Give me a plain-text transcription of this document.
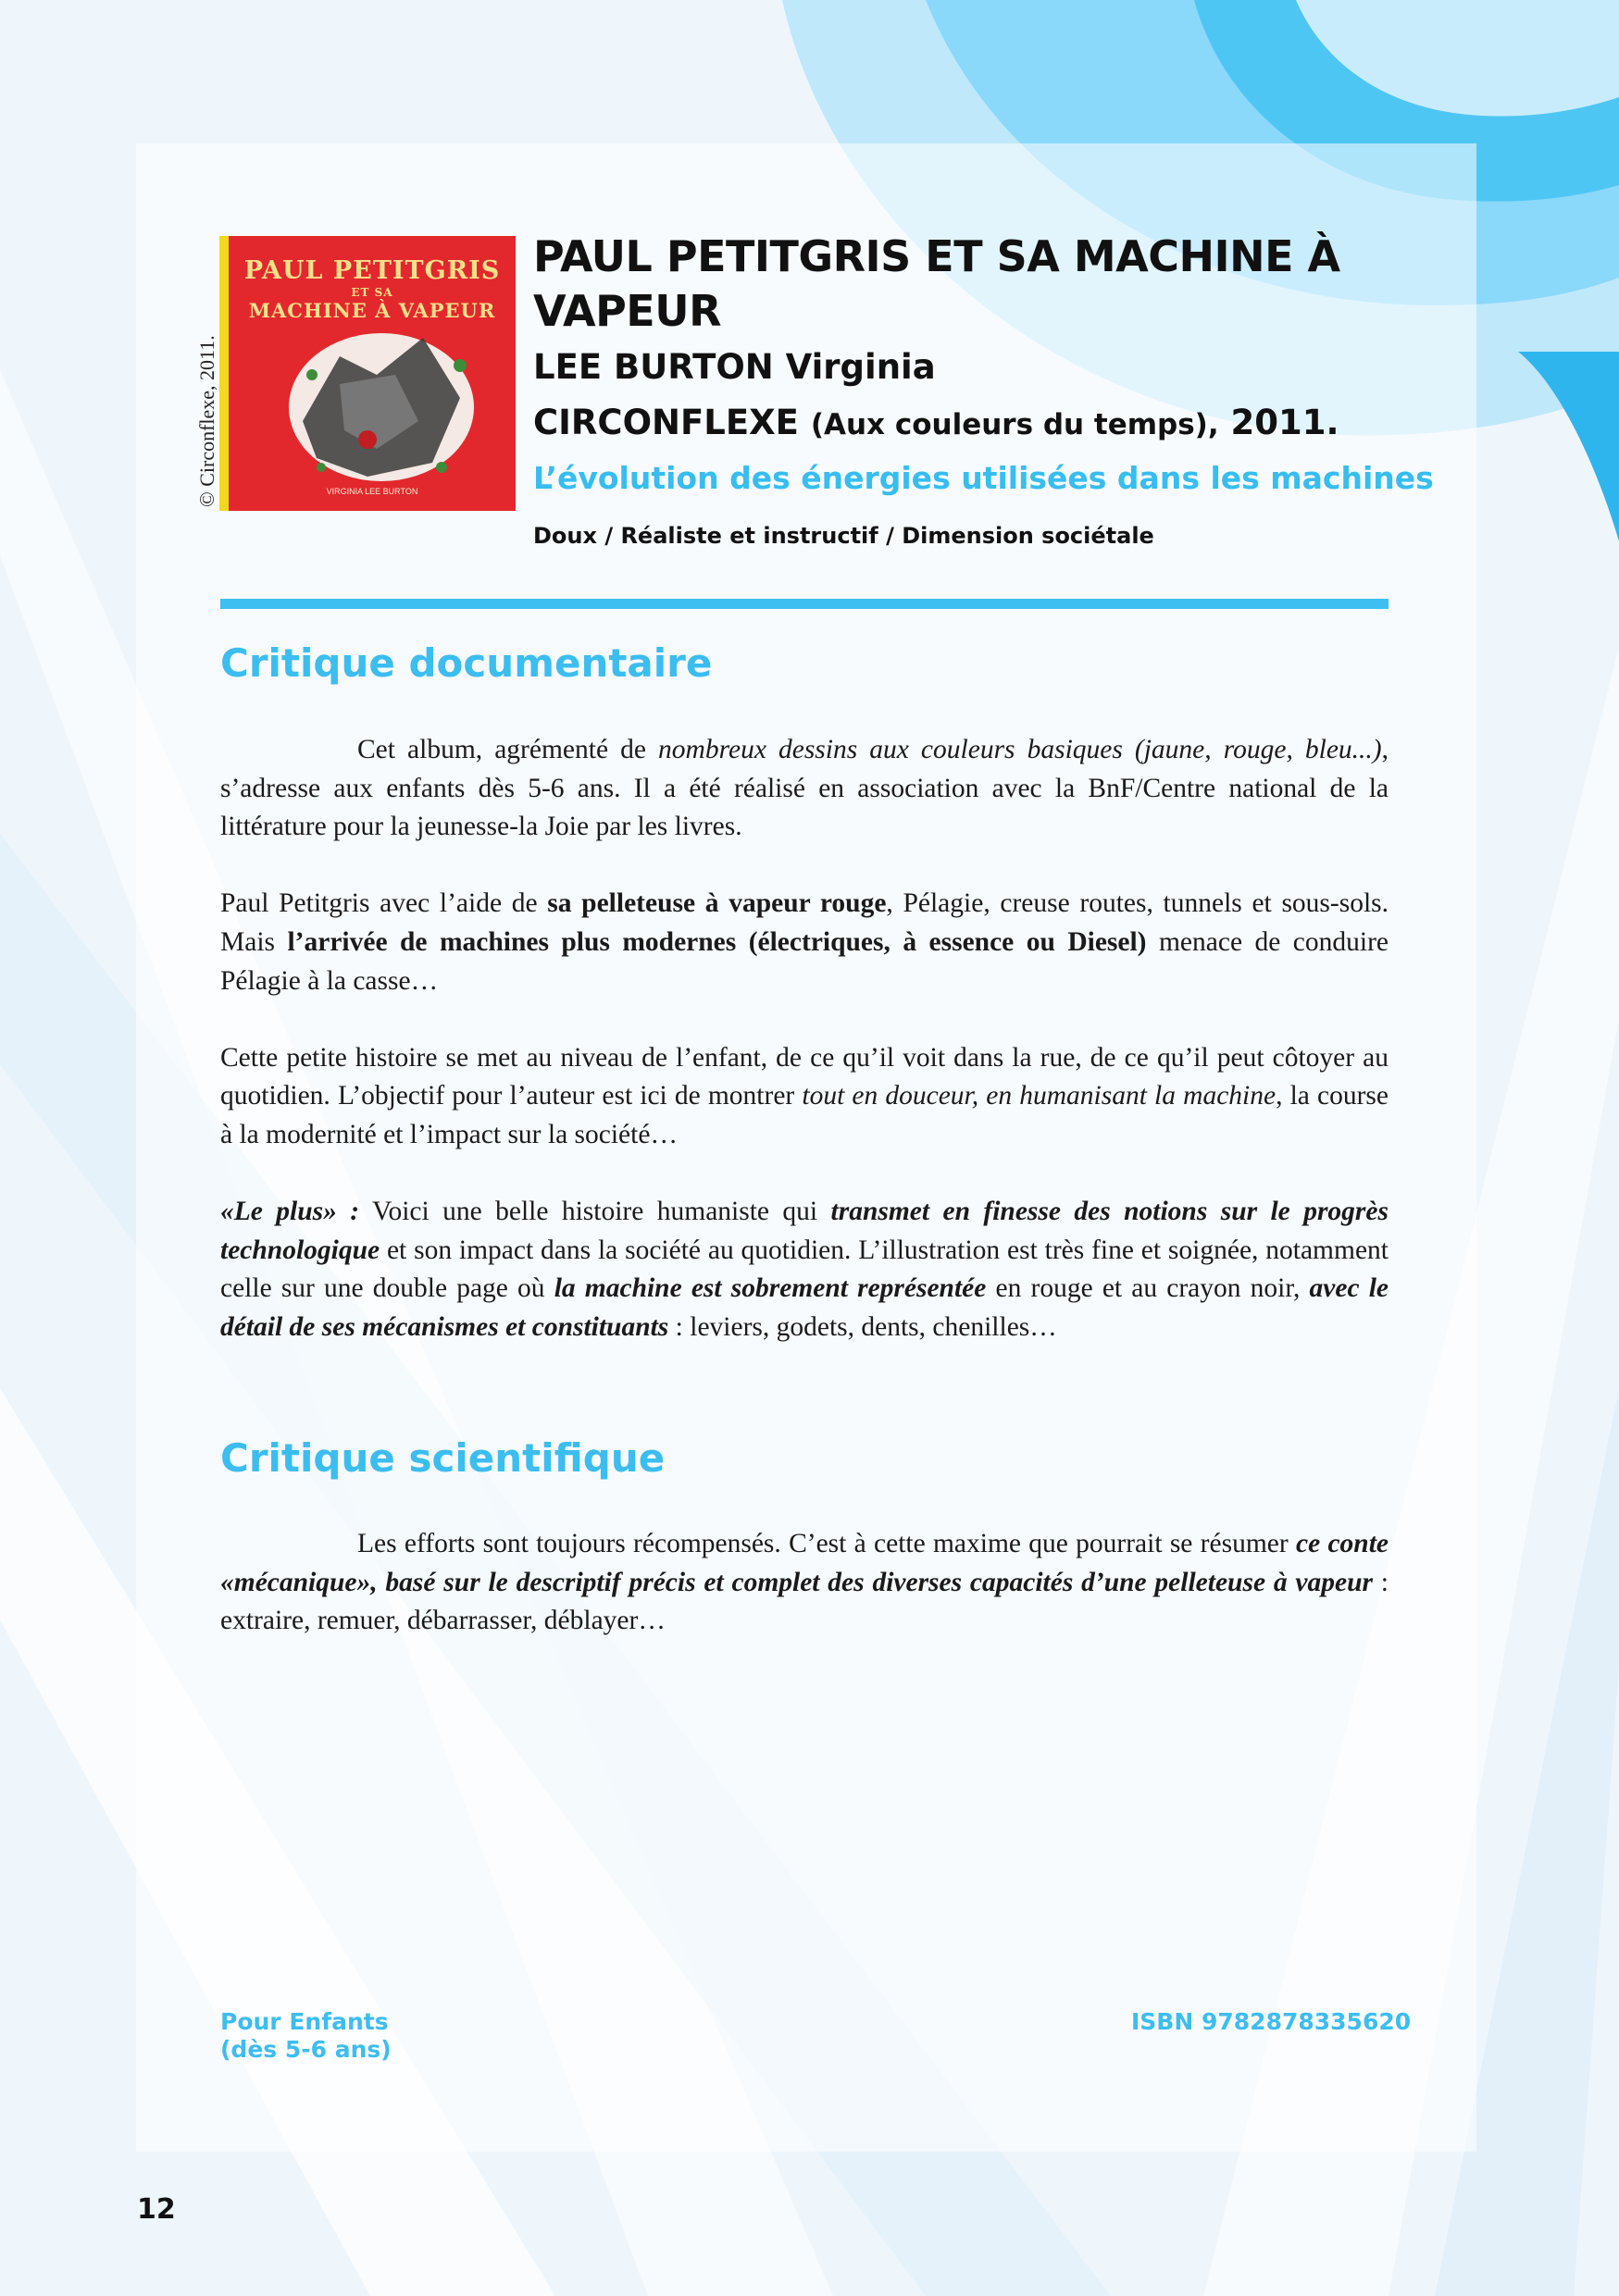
PAUL PETITGRIS
ET SA
MACHINE À VAPEUR
VIRGINIA LEE BURTON
© Circonflexe, 2011.
PAUL PETITGRIS ET SA MACHINE À VAPEUR
LEE BURTON Virginia
CIRCONFLEXE (Aux couleurs du temps), 2011.
L’évolution des énergies utilisées dans les machines
Doux / Réaliste et instructif / Dimension sociétale
Critique documentaire

Cet album, agrémenté de nombreux dessins aux couleurs basiques (jaune, rouge, bleu...), s’adresse aux enfants dès 5-6 ans. Il a été réalisé en association avec la BnF/Centre national de la littérature pour la jeunesse-la Joie par les livres.

Paul Petitgris avec l’aide de sa pelleteuse à vapeur rouge, Pélagie, creuse routes, tunnels et sous-sols. Mais l’arrivée de machines plus modernes (électriques, à essence ou Diesel) menace de conduire Pélagie à la casse…

Cette petite histoire se met au niveau de l’enfant, de ce qu’il voit dans la rue, de ce qu’il peut côtoyer au quotidien. L’objectif pour l’auteur est ici de montrer tout en douceur, en humanisant la machine, la course à la modernité et l’impact sur la société…

«Le plus» : Voici une belle histoire humaniste qui transmet en finesse des notions sur le progrès technologique et son impact dans la société au quotidien. L’illustration est très fine et soignée, notamment celle sur une double page où la machine est sobrement représentée en rouge et au crayon noir, avec le détail de ses mécanismes et constituants : leviers, godets, dents, chenilles…

Critique scientifique

Les efforts sont toujours récompensés. C’est à cette maxime que pourrait se résumer ce conte «mécanique», basé sur le descriptif précis et complet des diverses capacités d’une pelleteuse à vapeur : extraire, remuer, débarrasser, déblayer…

Pour Enfants
(dès 5-6 ans)
ISBN 9782878335620
12
